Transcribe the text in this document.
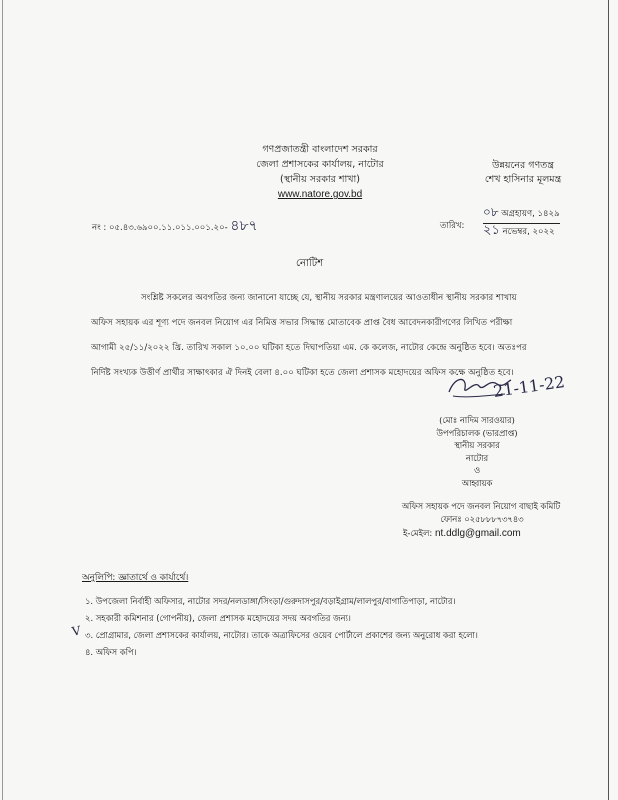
গণপ্রজাতন্ত্রী বাংলাদেশ সরকার
জেলা প্রশাসকের কার্যালয়, নাটোর
(স্থানীয় সরকার শাখা)
www.natore.gov.bd
উন্নয়নের গণতন্ত্র
শেখ হাসিনার মূলমন্ত্র
নং : ০৫.৪৩.৬৯০০.১১.০১১.০০১.২০- ৪৮৭	তারিখ:
০৮ অগ্রহায়ণ, ১৪২৯
২১ নভেম্বর, ২০২২
নোটিশ
সংশ্লিষ্ট সকলের অবগতির জন্য জানানো যাচ্ছে যে, স্থানীয় সরকার মন্ত্রণালয়ের আওতাধীন স্থানীয় সরকার শাখায়
অফিস সহায়ক এর শূণ্য পদে জনবল নিয়োগ এর নিমিত্ত সভার সিদ্ধান্ত মোতাবেক প্রাপ্ত বৈধ আবেদনকারীগণের লিখিত পরীক্ষা
আগামী ২৫/১১/২০২২ খ্রি. তারিখ সকাল ১০.০০ ঘটিকা হতে দিঘাপতিয়া এম. কে কলেজ, নাটোর কেন্দ্রে অনুষ্ঠিত হবে। অতঃপর
নির্দিষ্ট সংখ্যক উত্তীর্ণ প্রার্থীর সাক্ষাৎকার ঐ দিনই বেলা ৪.০০ ঘটিকা হতে জেলা প্রশাসক মহোদয়ের অফিস কক্ষে অনুষ্ঠিত হবে।
21-11-22
(মোঃ নাদিম সারওয়ার)
উপপরিচালক (ভারপ্রাপ্ত)
স্থানীয় সরকার
নাটোর
ও
আহ্বায়ক
অফিস সহায়ক পদে জনবল নিয়োগ বাছাই কমিটি
ফোনঃ ০২৫৮৮৮৭৩৭৪৩
ই-মেইল: nt.ddlg@gmail.com
অনুলিপি: জ্ঞাতার্থে ও কার্যার্থে।
১. উপজেলা নির্বাহী অফিসার, নাটোর সদর/নলডাঙ্গা/সিংড়া/গুরুদাসপুর/বড়াইগ্রাম/লালপুর/বাগাতিপাড়া, নাটোর।
২. সহকারী কমিশনার (গোপনীয়), জেলা প্রশাসক মহোদয়ের সদয় অবগতির জন্য।
৩. প্রোগ্রামার, জেলা প্রশাসকের কার্যালয়, নাটোর। তাকে অত্রাফিসের ওয়েব পোর্টালে প্রকাশের জন্য অনুরোধ করা হলো।
৪. অফিস কপি।
V
